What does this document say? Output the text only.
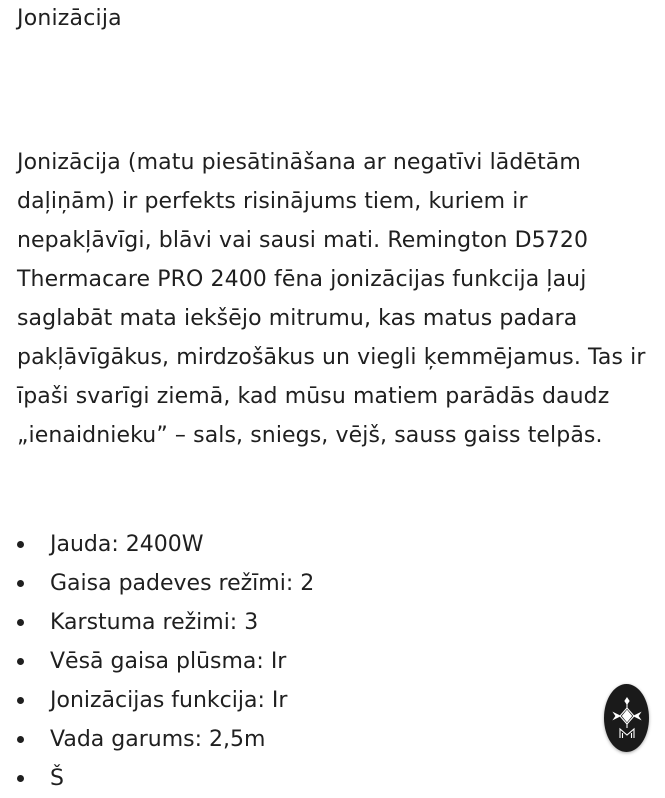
Jonizācija

Jonizācija (matu piesātināšana ar negatīvi lādētām daļiņām) ir perfekts risinājums tiem, kuriem ir nepakļāvīgi, blāvi vai sausi mati. Remington D5720 Thermacare PRO 2400 fēna jonizācijas funkcija ļauj saglabāt mata iekšējo mitrumu, kas matus padara pakļāvīgākus, mirdzošākus un viegli ķemmējamus. Tas ir īpaši svarīgi ziemā, kad mūsu matiem parādās daudz „ienaidnieku” – sals, sniegs, vējš, sauss gaiss telpās.

Jauda: 2400W
Gaisa padeves režīmi: 2
Karstuma režimi: 3
Vēsā gaisa plūsma: Ir
Jonizācijas funkcija: Ir
Vada garums: 2,5m
Š
